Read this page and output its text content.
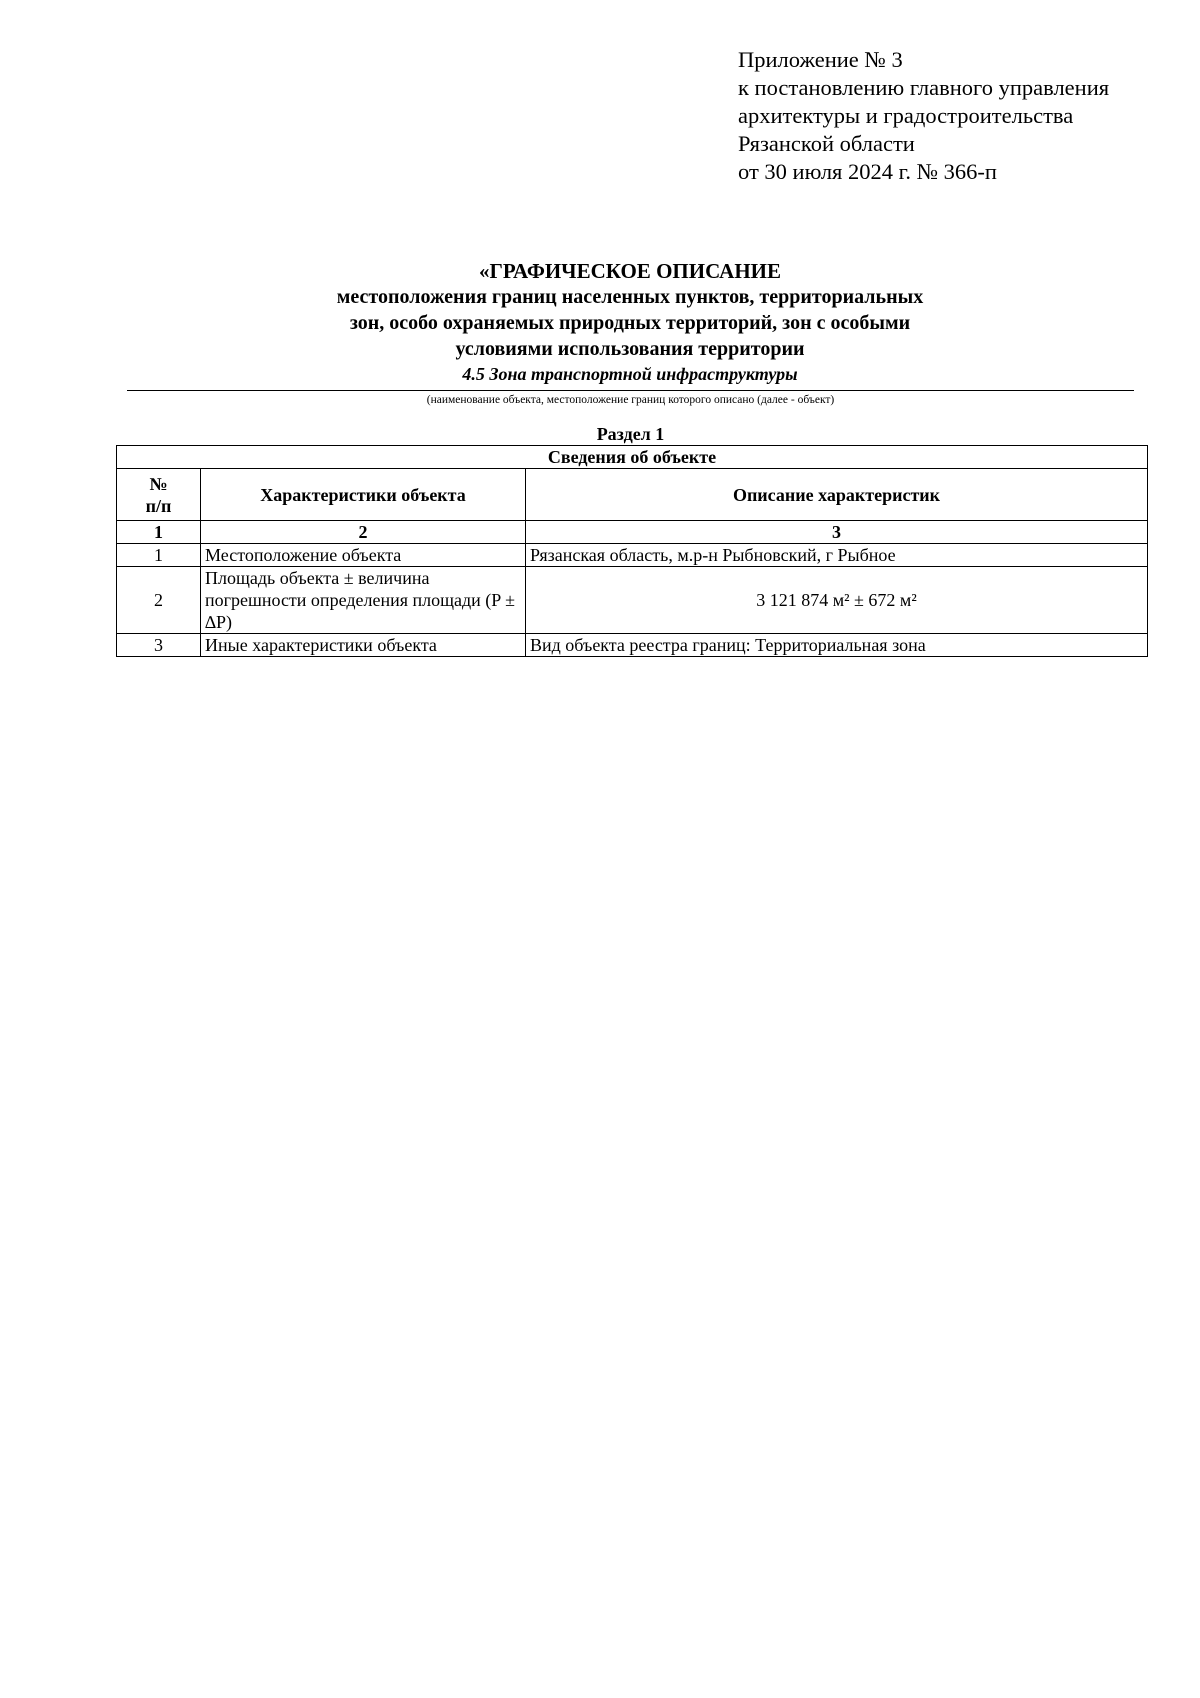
Приложение № 3
к постановлению главного управления
архитектуры и градостроительства
Рязанской области
от 30 июля 2024 г. № 366-п
«ГРАФИЧЕСКОЕ ОПИСАНИЕ
местоположения границ населенных пунктов, территориальных
зон, особо охраняемых природных территорий, зон с особыми
условиями использования территории
4.5 Зона транспортной инфраструктуры
(наименование объекта, местоположение границ которого описано (далее - объект)
Раздел 1
Сведения об объекте		
№
п/п	Характеристики объекта	Описание характеристик
1	2	3
1	Местоположение объекта	Рязанская область, м.р-н Рыбновский, г Рыбное
2	Площадь объекта ± величина погрешности определения площади (P ± ∆P)	3 121 874 м² ± 672 м²
3	Иные характеристики объекта	Вид объекта реестра границ: Территориальная зона
